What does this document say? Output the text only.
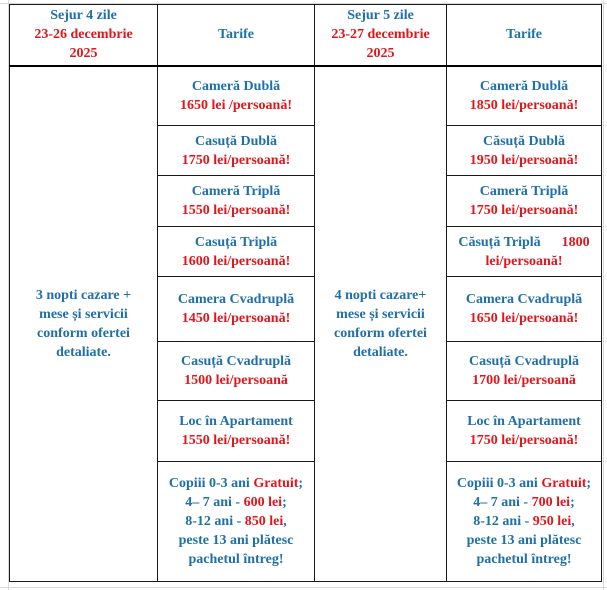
Sejur 4 zile
23-26 decembrie
2025	Tarife	Sejur 5 zile
23-27 decembrie
2025	Tarife

3 nopti cazare +
mese și servicii
conform ofertei
detaliate.	Cameră Dublă
1650 lei /persoană!	4 nopti cazare+
mese și servicii
conform ofertei
detaliate.	Cameră Dublă
1850 lei/persoană!

	Casuță Dublă
1750 lei/persoană!		Căsuță Dublă
1950 lei/persoană!

	Cameră Triplă
1550 lei/persoană!		Cameră Triplă
1750 lei/persoană!

	Casuță Triplă
1600 lei/persoană!		Căsuță Triplă 1800
lei/persoană!

	Camera Cvadruplă
1450 lei/persoană!		Camera Cvadruplă
1650 lei/persoană!

	Casuță Cvadruplă
1500 lei/persoană		Casuță Cvadruplă
1700 lei/persoană

	Loc în Apartament
1550 lei/persoană!		Loc în Apartament
1750 lei/persoană!

	Copiii 0-3 ani Gratuit;
4– 7 ani - 600 lei;
8-12 ani - 850 lei,
peste 13 ani plătesc
pachetul întreg!		Copiii 0-3 ani Gratuit;
4– 7 ani - 700 lei;
8-12 ani - 950 lei,
peste 13 ani plătesc
pachetul întreg!
